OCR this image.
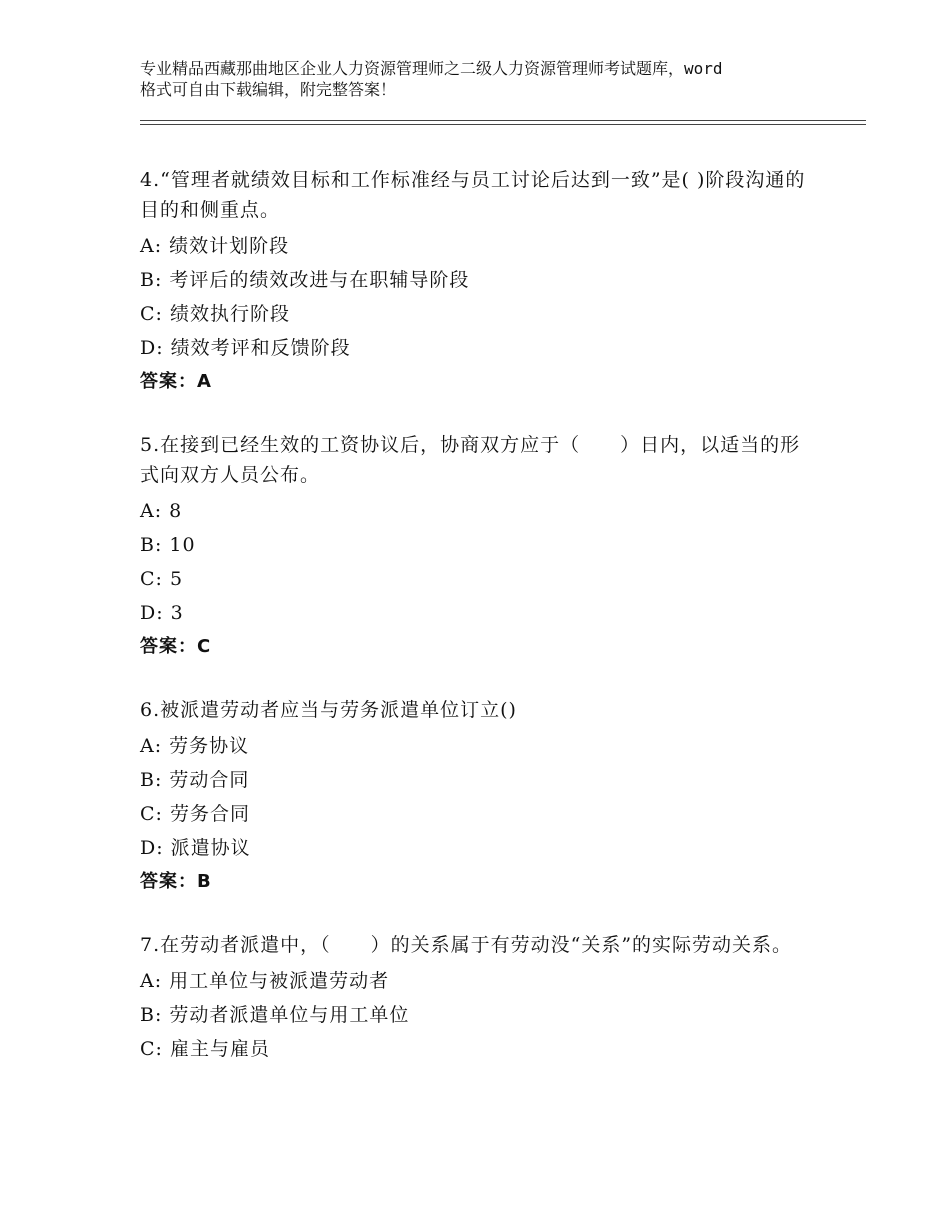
专业精品西藏那曲地区企业人力资源管理师之二级人力资源管理师考试题库，word
格式可自由下载编辑，附完整答案！
4.“管理者就绩效目标和工作标准经与员工讨论后达到一致”是( )阶段沟通的目的和侧重点。
A: 绩效计划阶段
B: 考评后的绩效改进与在职辅导阶段
C: 绩效执行阶段
D: 绩效考评和反馈阶段
答案：A
5.在接到已经生效的工资协议后，协商双方应于（　　）日内，以适当的形式向双方人员公布。
A: 8
B: 10
C: 5
D: 3
答案：C
6.被派遣劳动者应当与劳务派遣单位订立()
A: 劳务协议
B: 劳动合同
C: 劳务合同
D: 派遣协议
答案：B
7.在劳动者派遣中，（　　）的关系属于有劳动没“关系”的实际劳动关系。
A: 用工单位与被派遣劳动者
B: 劳动者派遣单位与用工单位
C: 雇主与雇员
